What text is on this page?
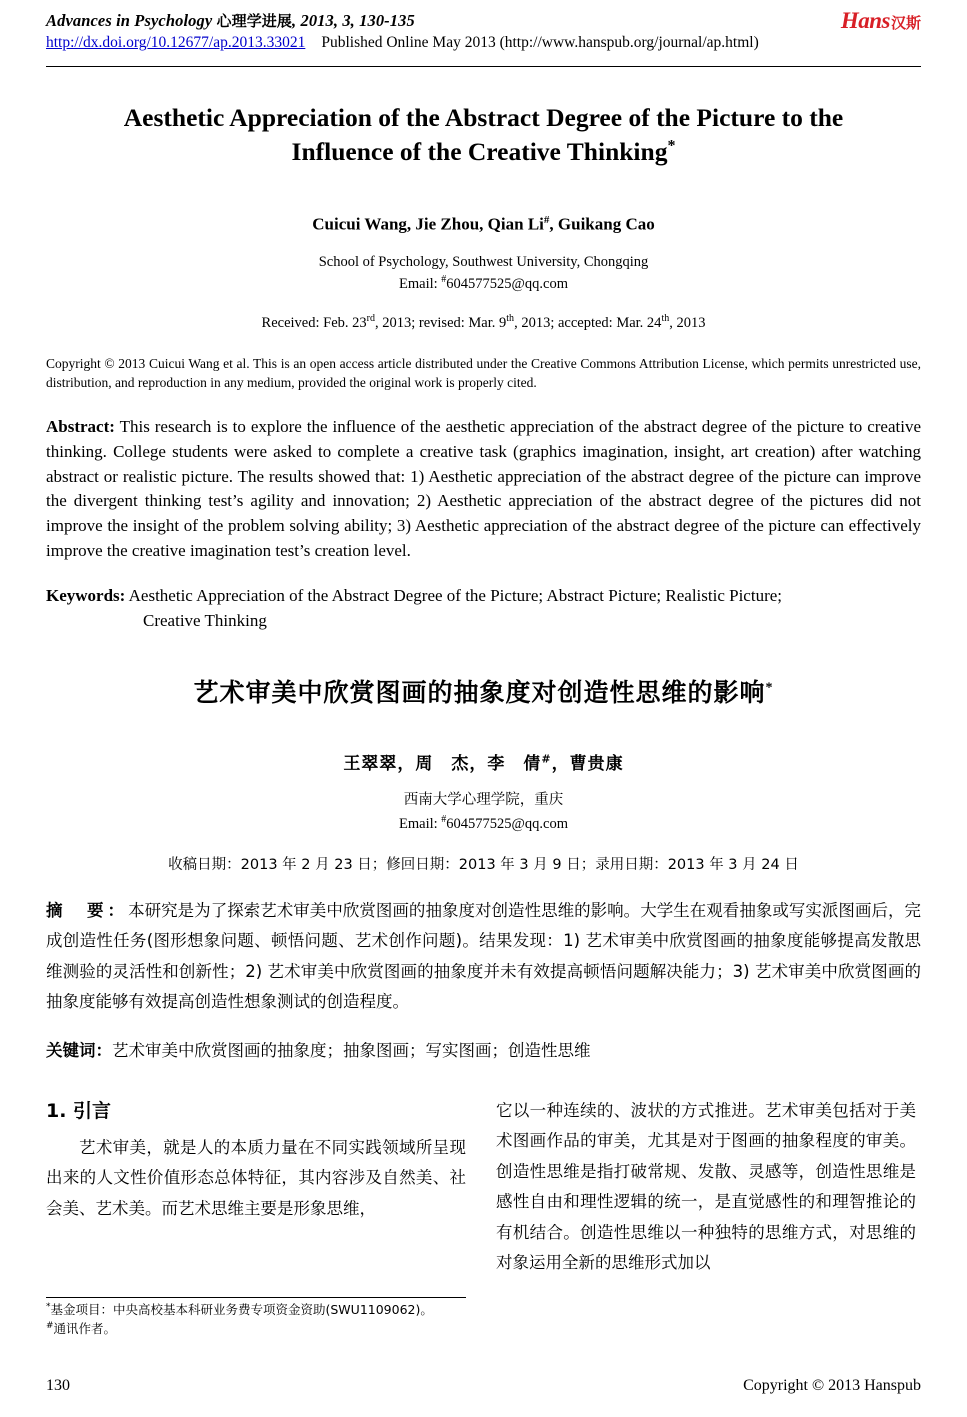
Advances in Psychology 心理学进展, 2013, 3, 130-135
http://dx.doi.org/10.12677/ap.2013.33021 Published Online May 2013 (http://www.hanspub.org/journal/ap.html)
Hans汉斯
Aesthetic Appreciation of the Abstract Degree of the Picture to the Influence of the Creative Thinking*
Cuicui Wang, Jie Zhou, Qian Li#, Guikang Cao
School of Psychology, Southwest University, Chongqing
Email: #604577525@qq.com
Received: Feb. 23rd, 2013; revised: Mar. 9th, 2013; accepted: Mar. 24th, 2013
Copyright © 2013 Cuicui Wang et al. This is an open access article distributed under the Creative Commons Attribution License, which permits unrestricted use, distribution, and reproduction in any medium, provided the original work is properly cited.
Abstract: This research is to explore the influence of the aesthetic appreciation of the abstract degree of the picture to creative thinking. College students were asked to complete a creative task (graphics imagination, insight, art creation) after watching abstract or realistic picture. The results showed that: 1) Aesthetic appreciation of the abstract degree of the picture can improve the divergent thinking test’s agility and innovation; 2) Aesthetic appreciation of the abstract degree of the pictures did not improve the insight of the problem solving ability; 3) Aesthetic appreciation of the abstract degree of the picture can effectively improve the creative imagination test’s creation level.
Keywords: Aesthetic Appreciation of the Abstract Degree of the Picture; Abstract Picture; Realistic Picture;
Creative Thinking
艺术审美中欣赏图画的抽象度对创造性思维的影响*
王翠翠，周　杰，李　倩#，曹贵康
西南大学心理学院，重庆
Email: #604577525@qq.com
收稿日期：2013 年 2 月 23 日；修回日期：2013 年 3 月 9 日；录用日期：2013 年 3 月 24 日
摘　要：本研究是为了探索艺术审美中欣赏图画的抽象度对创造性思维的影响。大学生在观看抽象或写实派图画后，完成创造性任务(图形想象问题、顿悟问题、艺术创作问题)。结果发现：1) 艺术审美中欣赏图画的抽象度能够提高发散思维测验的灵活性和创新性；2) 艺术审美中欣赏图画的抽象度并未有效提高顿悟问题解决能力；3) 艺术审美中欣赏图画的抽象度能够有效提高创造性想象测试的创造程度。
关键词：艺术审美中欣赏图画的抽象度；抽象图画；写实图画；创造性思维
1. 引言
艺术审美，就是人的本质力量在不同实践领域所呈现出来的人文性价值形态总体特征，其内容涉及自然美、社会美、艺术美。而艺术思维主要是形象思维，
它以一种连续的、波状的方式推进。艺术审美包括对于美术图画作品的审美，尤其是对于图画的抽象程度的审美。创造性思维是指打破常规、发散、灵感等，创造性思维是感性自由和理性逻辑的统一，是直觉感性的和理智推论的有机结合。创造性思维以一种独特的思维方式，对思维的对象运用全新的思维形式加以
*基金项目：中央高校基本科研业务费专项资金资助(SWU1109062)。
#通讯作者。
130	Copyright © 2013 Hanspub
